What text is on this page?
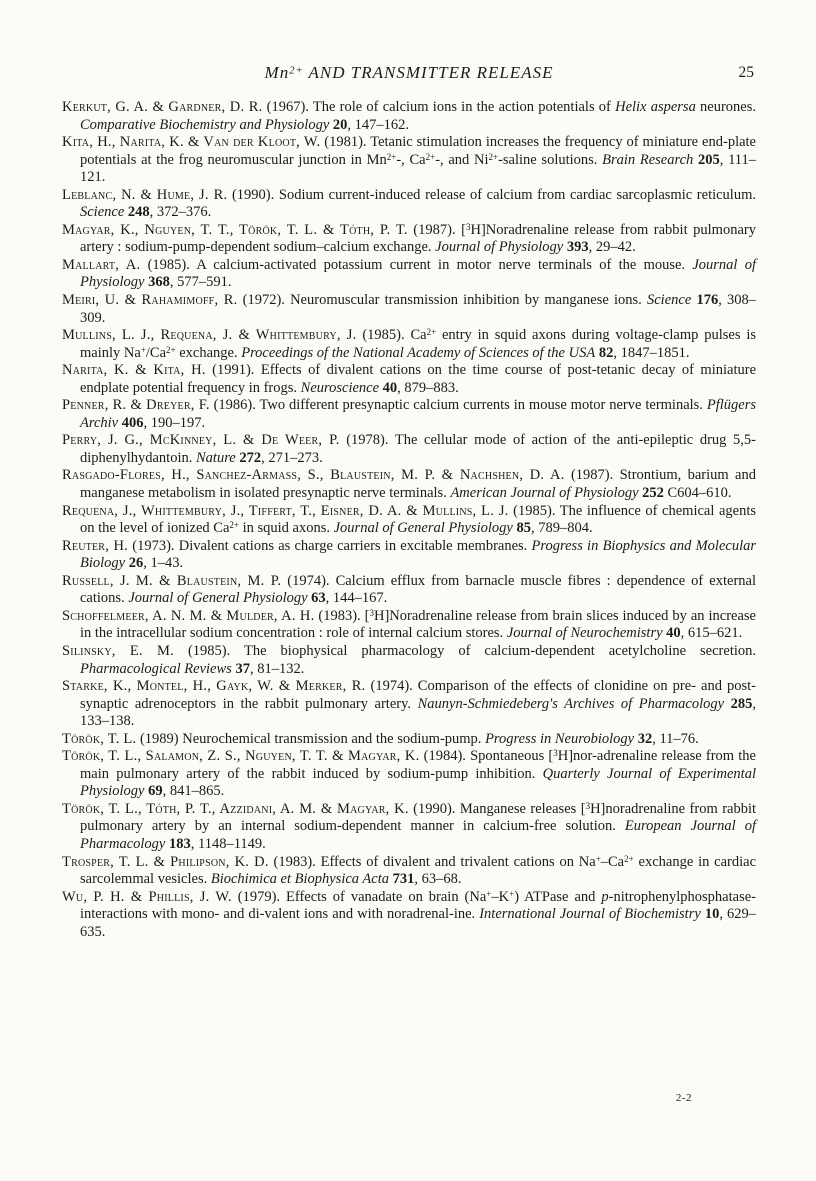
$Mn^{2+}$ AND TRANSMITTER RELEASE	25

Kerkut, G. A. & Gardner, D. R. (1967). The role of calcium ions in the action potentials of Helix aspersa neurones. Comparative Biochemistry and Physiology 20, 147–162.

Kita, H., Narita, K. & Van der Kloot, W. (1981). Tetanic stimulation increases the frequency of miniature end-plate potentials at the frog neuromuscular junction in $Mn^{2+}-$, $Ca^{2+}-$, and $Ni^{2+}$-saline solutions. Brain Research 205, 111–121.

Leblanc, N. & Hume, J. R. (1990). Sodium current-induced release of calcium from cardiac sarcoplasmic reticulum. Science 248, 372–376.

Magyar, K., Nguyen, T. T., Török, T. L. & Tóth, P. T. (1987). [$^3$H]Noradrenaline release from rabbit pulmonary artery : sodium-pump-dependent sodium–calcium exchange. Journal of Physiology 393, 29–42.

Mallart, A. (1985). A calcium-activated potassium current in motor nerve terminals of the mouse. Journal of Physiology 368, 577–591.

Meiri, U. & Rahamimoff, R. (1972). Neuromuscular transmission inhibition by manganese ions. Science 176, 308–309.

Mullins, L. J., Requena, J. & Whittembury, J. (1985). $Ca^{2+}$ entry in squid axons during voltage-clamp pulses is mainly $Na^+/Ca^{2+}$ exchange. Proceedings of the National Academy of Sciences of the USA 82, 1847–1851.

Narita, K. & Kita, H. (1991). Effects of divalent cations on the time course of post-tetanic decay of miniature endplate potential frequency in frogs. Neuroscience 40, 879–883.

Penner, R. & Dreyer, F. (1986). Two different presynaptic calcium currents in mouse motor nerve terminals. Pflügers Archiv 406, 190–197.

Perry, J. G., McKinney, L. & De Weer, P. (1978). The cellular mode of action of the anti-epileptic drug 5,5-diphenylhydantoin. Nature 272, 271–273.

Rasgado-Flores, H., Sanchez-Armass, S., Blaustein, M. P. & Nachshen, D. A. (1987). Strontium, barium and manganese metabolism in isolated presynaptic nerve terminals. American Journal of Physiology 252 C604–610.

Requena, J., Whittembury, J., Tiffert, T., Eisner, D. A. & Mullins, L. J. (1985). The influence of chemical agents on the level of ionized $Ca^{2+}$ in squid axons. Journal of General Physiology 85, 789–804.

Reuter, H. (1973). Divalent cations as charge carriers in excitable membranes. Progress in Biophysics and Molecular Biology 26, 1–43.

Russell, J. M. & Blaustein, M. P. (1974). Calcium efflux from barnacle muscle fibres : dependence of external cations. Journal of General Physiology 63, 144–167.

Schoffelmeer, A. N. M. & Mulder, A. H. (1983). [$^3$H]Noradrenaline release from brain slices induced by an increase in the intracellular sodium concentration : role of internal calcium stores. Journal of Neurochemistry 40, 615–621.

Silinsky, E. M. (1985). The biophysical pharmacology of calcium-dependent acetylcholine secretion. Pharmacological Reviews 37, 81–132.

Starke, K., Montel, H., Gayk, W. & Merker, R. (1974). Comparison of the effects of clonidine on pre- and post-synaptic adrenoceptors in the rabbit pulmonary artery. Naunyn-Schmiedeberg's Archives of Pharmacology 285, 133–138.

Török, T. L. (1989) Neurochemical transmission and the sodium-pump. Progress in Neurobiology 32, 11–76.

Török, T. L., Salamon, Z. S., Nguyen, T. T. & Magyar, K. (1984). Spontaneous [$^3$H]nor-adrenaline release from the main pulmonary artery of the rabbit induced by sodium-pump inhibition. Quarterly Journal of Experimental Physiology 69, 841–865.

Török, T. L., Tóth, P. T., Azzidani, A. M. & Magyar, K. (1990). Manganese releases [$^3$H]noradrenaline from rabbit pulmonary artery by an internal sodium-dependent manner in calcium-free solution. European Journal of Pharmacology 183, 1148–1149.

Trosper, T. L. & Philipson, K. D. (1983). Effects of divalent and trivalent cations on $Na^+-Ca^{2+}$ exchange in cardiac sarcolemmal vesicles. Biochimica et Biophysica Acta 731, 63–68.

Wu, P. H. & Phillis, J. W. (1979). Effects of vanadate on brain (Na+–K+) ATPase and p-nitrophenylphosphatase-interactions with mono- and di-valent ions and with noradrenal-ine. International Journal of Biochemistry 10, 629–635.

2-2
